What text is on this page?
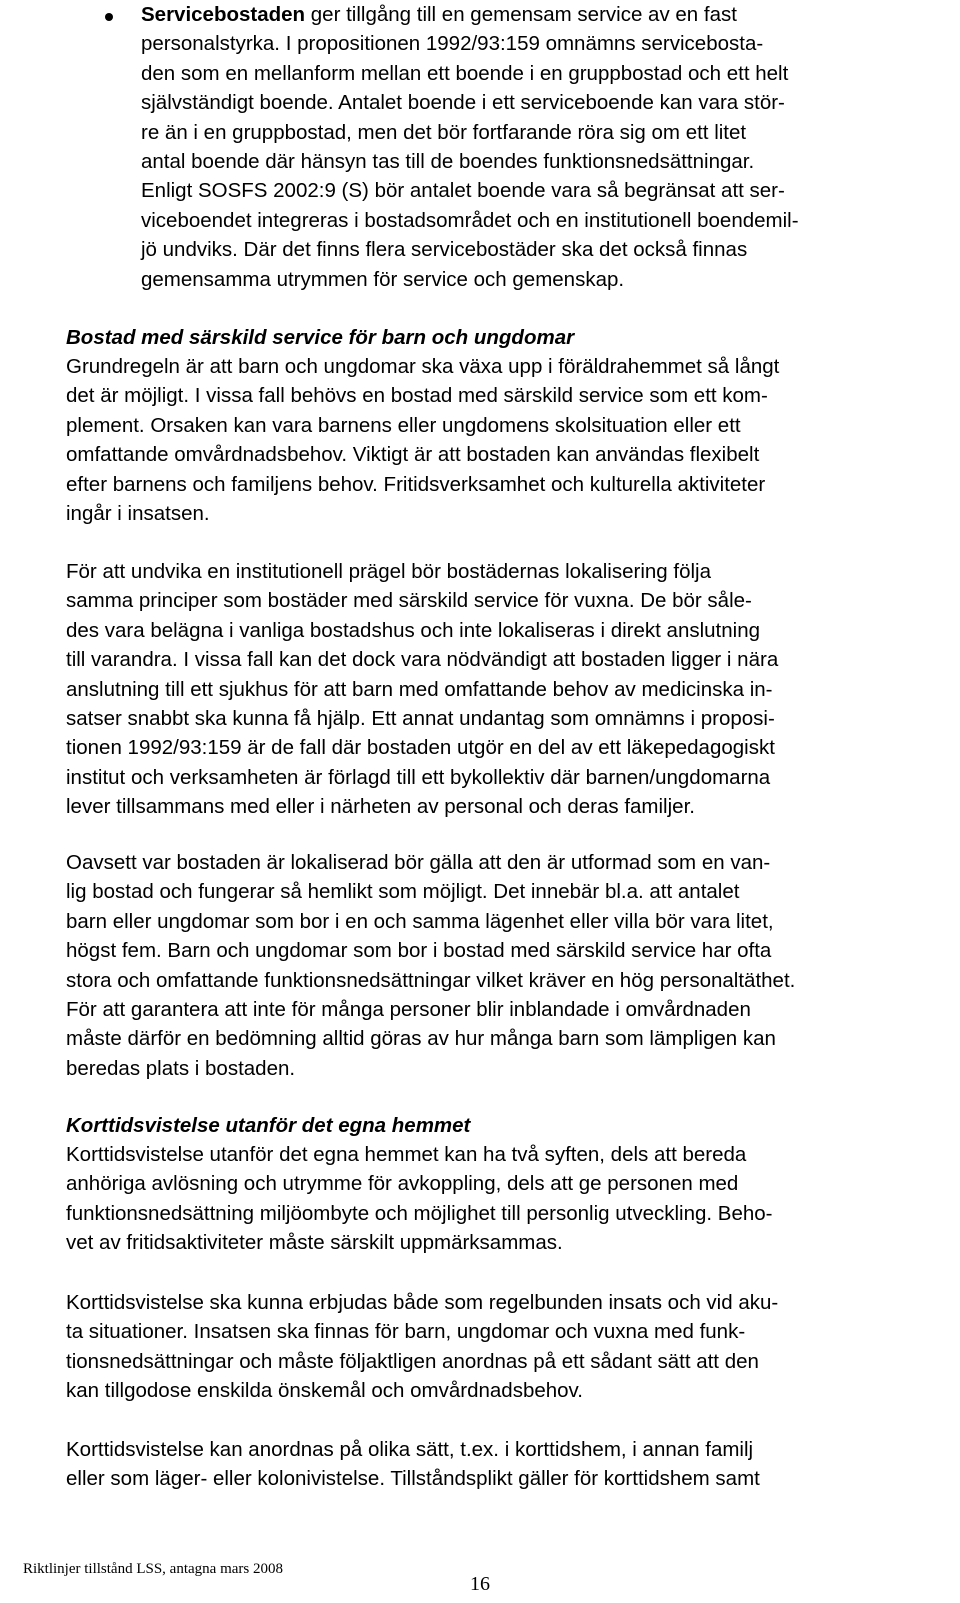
Servicebostaden ger tillgång till en gemensam service av en fast
personalstyrka. I propositionen 1992/93:159 omnämns servicebosta-
den som en mellanform mellan ett boende i en gruppbostad och ett helt
självständigt boende. Antalet boende i ett serviceboende kan vara stör-
re än i en gruppbostad, men det bör fortfarande röra sig om ett litet
antal boende där hänsyn tas till de boendes funktionsnedsättningar.
Enligt SOSFS 2002:9 (S) bör antalet boende vara så begränsat att ser-
viceboendet integreras i bostadsområdet och en institutionell boendemil-
jö undviks. Där det finns flera servicebostäder ska det också finnas
gemensamma utrymmen för service och gemenskap.
Bostad med särskild service för barn och ungdomar
Grundregeln är att barn och ungdomar ska växa upp i föräldrahemmet så långt
det är möjligt. I vissa fall behövs en bostad med särskild service som ett kom-
plement. Orsaken kan vara barnens eller ungdomens skolsituation eller ett
omfattande omvårdnadsbehov. Viktigt är att bostaden kan användas flexibelt
efter barnens och familjens behov. Fritidsverksamhet och kulturella aktiviteter
ingår i insatsen.
För att undvika en institutionell prägel bör bostädernas lokalisering följa
samma principer som bostäder med särskild service för vuxna. De bör såle-
des vara belägna i vanliga bostadshus och inte lokaliseras i direkt anslutning
till varandra. I vissa fall kan det dock vara nödvändigt att bostaden ligger i nära
anslutning till ett sjukhus för att barn med omfattande behov av medicinska in-
satser snabbt ska kunna få hjälp. Ett annat undantag som omnämns i proposi-
tionen 1992/93:159 är de fall där bostaden utgör en del av ett läkepedagogiskt
institut och verksamheten är förlagd till ett bykollektiv där barnen/ungdomarna
lever tillsammans med eller i närheten av personal och deras familjer.
Oavsett var bostaden är lokaliserad bör gälla att den är utformad som en van-
lig bostad och fungerar så hemlikt som möjligt. Det innebär bl.a. att antalet
barn eller ungdomar som bor i en och samma lägenhet eller villa bör vara litet,
högst fem. Barn och ungdomar som bor i bostad med särskild service har ofta
stora och omfattande funktionsnedsättningar vilket kräver en hög personaltäthet.
För att garantera att inte för många personer blir inblandade i omvårdnaden
måste därför en bedömning alltid göras av hur många barn som lämpligen kan
beredas plats i bostaden.
Korttidsvistelse utanför det egna hemmet
Korttidsvistelse utanför det egna hemmet kan ha två syften, dels att bereda
anhöriga avlösning och utrymme för avkoppling, dels att ge personen med
funktionsnedsättning miljöombyte och möjlighet till personlig utveckling. Beho-
vet av fritidsaktiviteter måste särskilt uppmärksammas.
Korttidsvistelse ska kunna erbjudas både som regelbunden insats och vid aku-
ta situationer. Insatsen ska finnas för barn, ungdomar och vuxna med funk-
tionsnedsättningar och måste följaktligen anordnas på ett sådant sätt att den
kan tillgodose enskilda önskemål och omvårdnadsbehov.
Korttidsvistelse kan anordnas på olika sätt, t.ex. i korttidshem, i annan familj
eller som läger- eller kolonivistelse. Tillståndsplikt gäller för korttidshem samt
Riktlinjer tillstånd LSS, antagna mars 2008
16
